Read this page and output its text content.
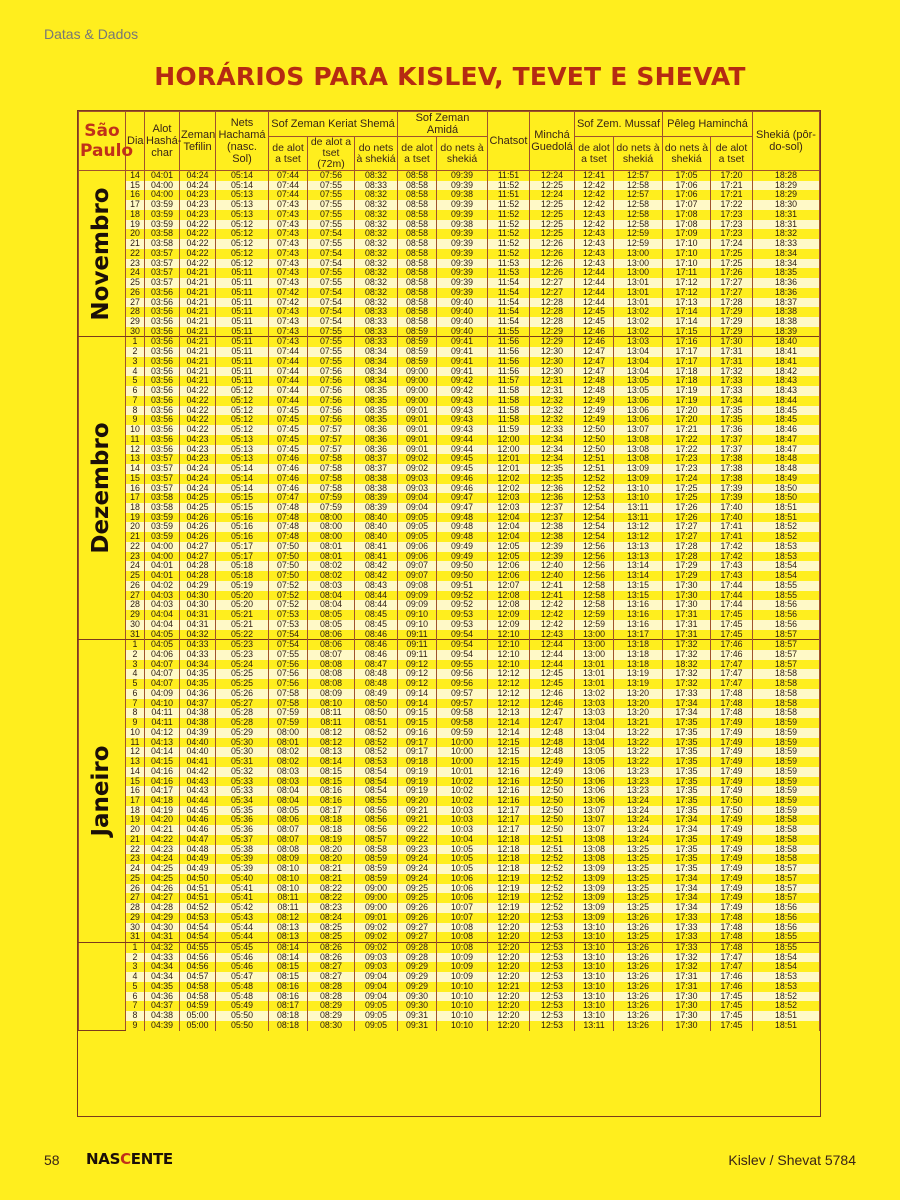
Datas & Dados
HORÁRIOS PARA KISLEV, TEVET E SHEVAT
São
Paulo	Dia	Alot Hashá-char	Zeman Tefilin	Nets Hachamá (nasc. Sol)	Sof Zeman Keriat Shemá			Sof Zeman Amidá		Chatsot	Minchá Guedolá	Sof Zem. Mussaf		Pêleg Haminchá		Shekiá (pôr-do-sol)
					de alot a tset	de alot a tset (72m)	do nets à shekiá	de alot a tset	do nets à shekiá			de alot a tset	do nets à shekiá	do nets à shekiá	de alot a tset	

Novembro	14	04:01	04:24	05:14	07:44	07:56	08:32	08:58	09:39	11:51	12:24	12:41	12:57	17:05	17:20	18:28
	15	04:00	04:24	05:14	07:44	07:55	08:33	08:58	09:39	11:52	12:25	12:42	12:58	17:06	17:21	18:29
	16	04:00	04:23	05:13	07:44	07:55	08:32	08:58	09:38	11:51	12:24	12:42	12:57	17:06	17:21	18:29
	17	03:59	04:23	05:13	07:43	07:55	08:32	08:58	09:39	11:52	12:25	12:42	12:58	17:07	17:22	18:30
	18	03:59	04:23	05:13	07:43	07:55	08:32	08:58	09:39	11:52	12:25	12:43	12:58	17:08	17:23	18:31
	19	03:59	04:22	05:12	07:43	07:55	08:32	08:58	09:38	11:52	12:25	12:42	12:58	17:08	17:23	18:31
	20	03:58	04:22	05:12	07:43	07:54	08:32	08:58	09:39	11:52	12:25	12:43	12:59	17:09	17:23	18:32
	21	03:58	04:22	05:12	07:43	07:55	08:32	08:58	09:39	11:52	12:26	12:43	12:59	17:10	17:24	18:33
	22	03:57	04:22	05:12	07:43	07:54	08:32	08:58	09:39	11:52	12:26	12:43	13:00	17:10	17:25	18:34
	23	03:57	04:22	05:12	07:43	07:54	08:32	08:58	09:39	11:53	12:26	12:43	13:00	17:10	17:25	18:34
	24	03:57	04:21	05:11	07:43	07:55	08:32	08:58	09:39	11:53	12:26	12:44	13:00	17:11	17:26	18:35
	25	03:57	04:21	05:11	07:43	07:55	08:32	08:58	09:39	11:54	12:27	12:44	13:01	17:12	17:27	18:36
	26	03:56	04:21	05:11	07:42	07:54	08:32	08:58	09:39	11:54	12:27	12:44	13:01	17:12	17:27	18:36
	27	03:56	04:21	05:11	07:42	07:54	08:32	08:58	09:40	11:54	12:28	12:44	13:01	17:13	17:28	18:37
	28	03:56	04:21	05:11	07:43	07:54	08:33	08:58	09:40	11:54	12:28	12:45	13:02	17:14	17:29	18:38
	29	03:56	04:21	05:11	07:43	07:54	08:33	08:58	09:40	11:54	12:28	12:45	13:02	17:14	17:29	18:38
	30	03:56	04:21	05:11	07:43	07:55	08:33	08:59	09:40	11:55	12:29	12:46	13:02	17:15	17:29	18:39

Dezembro	1	03:56	04:21	05:11	07:43	07:55	08:33	08:59	09:41	11:56	12:29	12:46	13:03	17:16	17:30	18:40
	2	03:56	04:21	05:11	07:44	07:55	08:34	08:59	09:41	11:56	12:30	12:47	13:04	17:17	17:31	18:41
	3	03:56	04:21	05:11	07:44	07:55	08:34	08:59	09:41	11:56	12:30	12:47	13:04	17:17	17:31	18:41
	4	03:56	04:21	05:11	07:44	07:56	08:34	09:00	09:41	11:56	12:30	12:47	13:04	17:18	17:32	18:42
	5	03:56	04:21	05:11	07:44	07:56	08:34	09:00	09:42	11:57	12:31	12:48	13:05	17:18	17:33	18:43
	6	03:56	04:22	05:12	07:44	07:56	08:35	09:00	09:42	11:58	12:31	12:48	13:05	17:19	17:33	18:43
	7	03:56	04:22	05:12	07:44	07:56	08:35	09:00	09:43	11:58	12:32	12:49	13:06	17:19	17:34	18:44
	8	03:56	04:22	05:12	07:45	07:56	08:35	09:01	09:43	11:58	12:32	12:49	13:06	17:20	17:35	18:45
	9	03:56	04:22	05:12	07:45	07:56	08:35	09:01	09:43	11:58	12:32	12:49	13:06	17:20	17:35	18:45
	10	03:56	04:22	05:12	07:45	07:57	08:36	09:01	09:43	11:59	12:33	12:50	13:07	17:21	17:36	18:46
	11	03:56	04:23	05:13	07:45	07:57	08:36	09:01	09:44	12:00	12:34	12:50	13:08	17:22	17:37	18:47
	12	03:56	04:23	05:13	07:45	07:57	08:36	09:01	09:44	12:00	12:34	12:50	13:08	17:22	17:37	18:47
	13	03:57	04:23	05:13	07:46	07:58	08:37	09:02	09:45	12:01	12:34	12:51	13:08	17:23	17:38	18:48
	14	03:57	04:24	05:14	07:46	07:58	08:37	09:02	09:45	12:01	12:35	12:51	13:09	17:23	17:38	18:48
	15	03:57	04:24	05:14	07:46	07:58	08:38	09:03	09:46	12:02	12:35	12:52	13:09	17:24	17:38	18:49
	16	03:57	04:24	05:14	07:46	07:58	08:38	09:03	09:46	12:02	12:36	12:52	13:10	17:25	17:39	18:50
	17	03:58	04:25	05:15	07:47	07:59	08:39	09:04	09:47	12:03	12:36	12:53	13:10	17:25	17:39	18:50
	18	03:58	04:25	05:15	07:48	07:59	08:39	09:04	09:47	12:03	12:37	12:54	13:11	17:26	17:40	18:51
	19	03:59	04:26	05:16	07:48	08:00	08:40	09:05	09:48	12:04	12:37	12:54	13:11	17:26	17:40	18:51
	20	03:59	04:26	05:16	07:48	08:00	08:40	09:05	09:48	12:04	12:38	12:54	13:12	17:27	17:41	18:52
	21	03:59	04:26	05:16	07:48	08:00	08:40	09:05	09:48	12:04	12:38	12:54	13:12	17:27	17:41	18:52
	22	04:00	04:27	05:17	07:50	08:01	08:41	09:06	09:49	12:05	12:39	12:56	13:13	17:28	17:42	18:53
	23	04:00	04:27	05:17	07:50	08:01	08:41	09:06	09:49	12:05	12:39	12:56	13:13	17:28	17:42	18:53
	24	04:01	04:28	05:18	07:50	08:02	08:42	09:07	09:50	12:06	12:40	12:56	13:14	17:29	17:43	18:54
	25	04:01	04:28	05:18	07:50	08:02	08:42	09:07	09:50	12:06	12:40	12:56	13:14	17:29	17:43	18:54
	26	04:02	04:29	05:19	07:52	08:03	08:43	09:08	09:51	12:07	12:41	12:58	13:15	17:30	17:44	18:55
	27	04:03	04:30	05:20	07:52	08:04	08:44	09:09	09:52	12:08	12:41	12:58	13:15	17:30	17:44	18:55
	28	04:03	04:30	05:20	07:52	08:04	08:44	09:09	09:52	12:08	12:42	12:58	13:16	17:30	17:44	18:56
	29	04:04	04:31	05:21	07:53	08:05	08:45	09:10	09:53	12:09	12:42	12:59	13:16	17:31	17:45	18:56
	30	04:04	04:31	05:21	07:53	08:05	08:45	09:10	09:53	12:09	12:42	12:59	13:16	17:31	17:45	18:56
	31	04:05	04:32	05:22	07:54	08:06	08:46	09:11	09:54	12:10	12:43	13:00	13:17	17:31	17:45	18:57

Janeiro	1	04:05	04:33	05:23	07:54	08:06	08:46	09:11	09:54	12:10	12:44	13:00	13:18	17:32	17:46	18:57
	2	04:06	04:33	05:23	07:55	08:07	08:46	09:11	09:54	12:10	12:44	13:00	13:18	17:32	17:46	18:57
	3	04:07	04:34	05:24	07:56	08:08	08:47	09:12	09:55	12:10	12:44	13:01	13:18	18:32	17:47	18:57
	4	04:07	04:35	05:25	07:56	08:08	08:48	09:12	09:56	12:12	12:45	13:01	13:19	17:32	17:47	18:58
	5	04:07	04:35	05:25	07:56	08:08	08:48	09:12	09:56	12:12	12:45	13:01	13:19	17:32	17:47	18:58
	6	04:09	04:36	05:26	07:58	08:09	08:49	09:14	09:57	12:12	12:46	13:02	13:20	17:33	17:48	18:58
	7	04:10	04:37	05:27	07:58	08:10	08:50	09:14	09:57	12:12	12:46	13:03	13:20	17:34	17:48	18:58
	8	04:11	04:38	05:28	07:59	08:11	08:50	09:15	09:58	12:13	12:47	13:03	13:20	17:34	17:48	18:58
	9	04:11	04:38	05:28	07:59	08:11	08:51	09:15	09:58	12:14	12:47	13:04	13:21	17:35	17:49	18:59
	10	04:12	04:39	05:29	08:00	08:12	08:52	09:16	09:59	12:14	12:48	13:04	13:22	17:35	17:49	18:59
	11	04:13	04:40	05:30	08:01	08:12	08:52	09:17	10:00	12:15	12:48	13:04	13:22	17:35	17:49	18:59
	12	04:14	04:40	05:30	08:02	08:13	08:52	09:17	10:00	12:15	12:48	13:05	13:22	17:35	17:49	18:59
	13	04:15	04:41	05:31	08:02	08:14	08:53	09:18	10:00	12:15	12:49	13:05	13:22	17:35	17:49	18:59
	14	04:16	04:42	05:32	08:03	08:15	08:54	09:19	10:01	12:16	12:49	13:06	13:23	17:35	17:49	18:59
	15	04:16	04:43	05:33	08:03	08:15	08:54	09:19	10:02	12:16	12:50	13:06	13:23	17:35	17:49	18:59
	16	04:17	04:43	05:33	08:04	08:16	08:54	09:19	10:02	12:16	12:50	13:06	13:23	17:35	17:49	18:59
	17	04:18	04:44	05:34	08:04	08:16	08:55	09:20	10:02	12:16	12:50	13:06	13:24	17:35	17:50	18:59
	18	04:19	04:45	05:35	08:05	08:17	08:56	09:21	10:03	12:17	12:50	13:07	13:24	17:35	17:50	18:59
	19	04:20	04:46	05:36	08:06	08:18	08:56	09:21	10:03	12:17	12:50	13:07	13:24	17:34	17:49	18:58
	20	04:21	04:46	05:36	08:07	08:18	08:56	09:22	10:03	12:17	12:50	13:07	13:24	17:34	17:49	18:58
	21	04:22	04:47	05:37	08:07	08:19	08:57	09:22	10:04	12:18	12:51	13:08	13:24	17:35	17:49	18:58
	22	04:23	04:48	05:38	08:08	08:20	08:58	09:23	10:05	12:18	12:51	13:08	13:25	17:35	17:49	18:58
	23	04:24	04:49	05:39	08:09	08:20	08:59	09:24	10:05	12:18	12:52	13:08	13:25	17:35	17:49	18:58
	24	04:25	04:49	05:39	08:10	08:21	08:59	09:24	10:05	12:18	12:52	13:09	13:25	17:35	17:49	18:57
	25	04:25	04:50	05:40	08:10	08:21	08:59	09:24	10:06	12:19	12:52	13:09	13:25	17:34	17:49	18:57
	26	04:26	04:51	05:41	08:10	08:22	09:00	09:25	10:06	12:19	12:52	13:09	13:25	17:34	17:49	18:57
	27	04:27	04:51	05:41	08:11	08:22	09:00	09:25	10:06	12:19	12:52	13:09	13:25	17:34	17:49	18:57
	28	04:28	04:52	05:42	08:11	08:23	09:00	09:26	10:07	12:19	12:52	13:09	13:25	17:34	17:49	18:56
	29	04:29	04:53	05:43	08:12	08:24	09:01	09:26	10:07	12:20	12:53	13:09	13:26	17:33	17:48	18:56
	30	04:30	04:54	05:44	08:13	08:25	09:02	09:27	10:08	12:20	12:53	13:10	13:26	17:33	17:48	18:56
	31	04:31	04:54	05:44	08:13	08:25	09:02	09:27	10:08	12:20	12:53	13:10	13:25	17:33	17:48	18:55

	1	04:32	04:55	05:45	08:14	08:26	09:02	09:28	10:08	12:20	12:53	13:10	13:26	17:33	17:48	18:55
	2	04:33	04:56	05:46	08:14	08:26	09:03	09:28	10:09	12:20	12:53	13:10	13:26	17:32	17:47	18:54
	3	04:34	04:56	05:46	08:15	08:27	09:03	09:29	10:09	12:20	12:53	13:10	13:26	17:32	17:47	18:54
	4	04:34	04:57	05:47	08:15	08:27	09:04	09:29	10:09	12:20	12:53	13:10	13:26	17:31	17:46	18:53
	5	04:35	04:58	05:48	08:16	08:28	09:04	09:29	10:10	12:21	12:53	13:10	13:26	17:31	17:46	18:53
	6	04:36	04:58	05:48	08:16	08:28	09:04	09:30	10:10	12:20	12:53	13:10	13:26	17:30	17:45	18:52
	7	04:37	04:59	05:49	08:17	08:29	09:05	09:30	10:10	12:20	12:53	13:10	13:26	17:30	17:45	18:52
	8	04:38	05:00	05:50	08:18	08:29	09:05	09:31	10:10	12:20	12:53	13:10	13:26	17:30	17:45	18:51
	9	04:39	05:00	05:50	08:18	08:30	09:05	09:31	10:10	12:20	12:53	13:11	13:26	17:30	17:45	18:51
58 NASCENTE	Kislev / Shevat 5784
